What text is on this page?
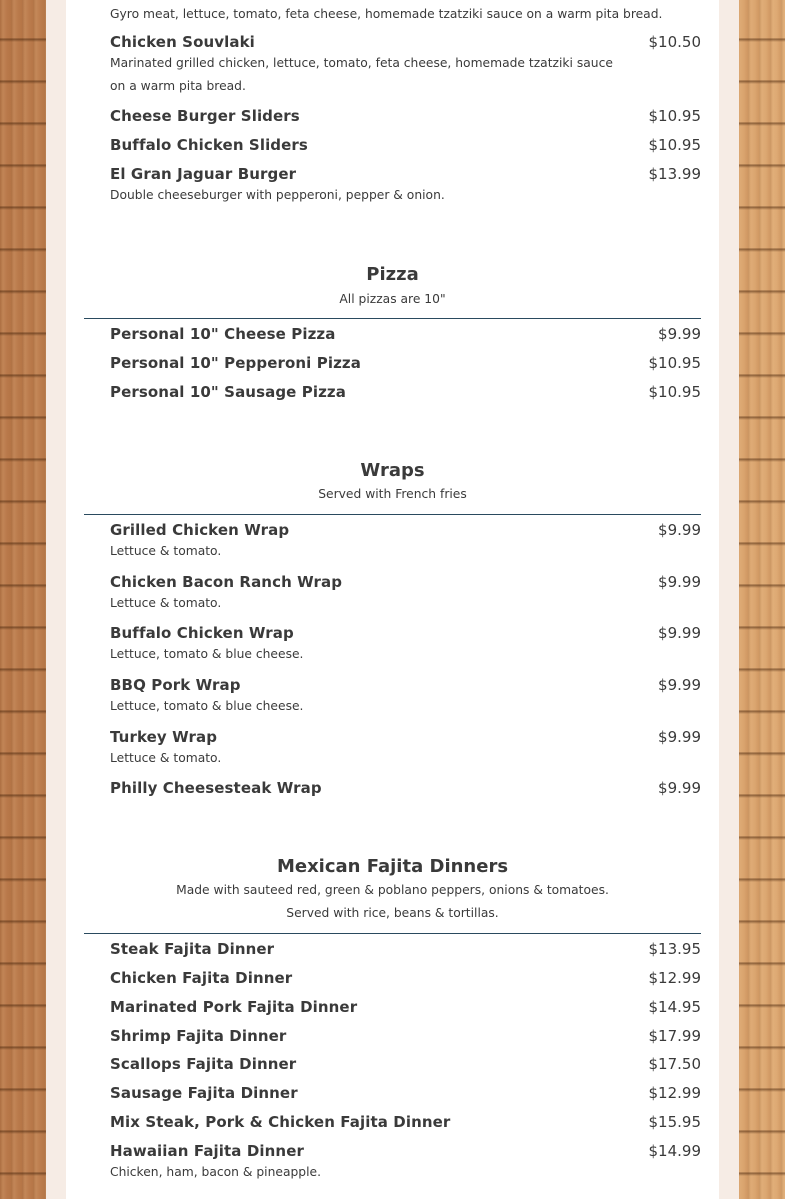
Gyro meat, lettuce, tomato, feta cheese, homemade tzatziki sauce on a warm pita bread.
Chicken Souvlaki	$10.50
Marinated grilled chicken, lettuce, tomato, feta cheese, homemade tzatziki sauce on a warm pita bread.
Cheese Burger Sliders	$10.95
Buffalo Chicken Sliders	$10.95
El Gran Jaguar Burger	$13.99
Double cheeseburger with pepperoni, pepper & onion.
Pizza
All pizzas are 10"
Personal 10" Cheese Pizza	$9.99
Personal 10" Pepperoni Pizza	$10.95
Personal 10" Sausage Pizza	$10.95
Wraps
Served with French fries
Grilled Chicken Wrap	$9.99
Lettuce & tomato.
Chicken Bacon Ranch Wrap	$9.99
Lettuce & tomato.
Buffalo Chicken Wrap	$9.99
Lettuce, tomato & blue cheese.
BBQ Pork Wrap	$9.99
Lettuce, tomato & blue cheese.
Turkey Wrap	$9.99
Lettuce & tomato.
Philly Cheesesteak Wrap	$9.99
Mexican Fajita Dinners
Made with sauteed red, green & poblano peppers, onions & tomatoes. Served with rice, beans & tortillas.
Steak Fajita Dinner	$13.95
Chicken Fajita Dinner	$12.99
Marinated Pork Fajita Dinner	$14.95
Shrimp Fajita Dinner	$17.99
Scallops Fajita Dinner	$17.50
Sausage Fajita Dinner	$12.99
Mix Steak, Pork & Chicken Fajita Dinner	$15.95
Hawaiian Fajita Dinner	$14.99
Chicken, ham, bacon & pineapple.
